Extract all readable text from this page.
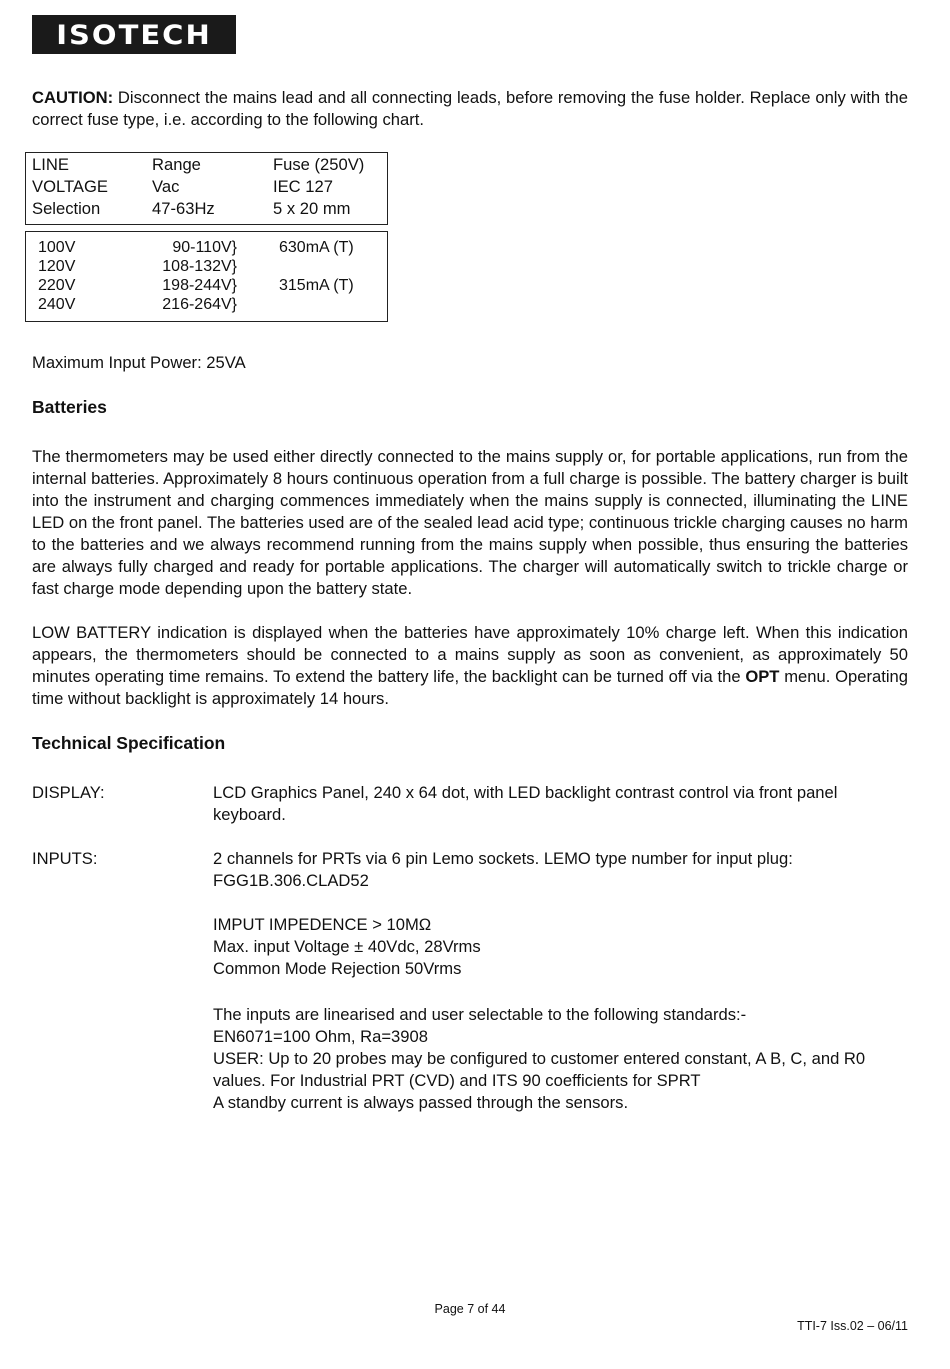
ISOTECH
CAUTION: Disconnect the mains lead and all connecting leads, before removing the fuse holder. Replace only with the correct fuse type, i.e. according to the following chart.
LINE	Range	Fuse (250V)
VOLTAGE	Vac	IEC 127
Selection	47-63Hz	5 x 20 mm
100V	90-110V}	630mA (T)
120V	108-132V}
220V	198-244V}	315mA (T)
240V	216-264V}
Maximum Input Power: 25VA
Batteries
The thermometers may be used either directly connected to the mains supply or, for portable applications, run from the internal batteries. Approximately 8 hours continuous operation from a full charge is possible. The battery charger is built into the instrument and charging commences immediately when the mains supply is connected, illuminating the LINE LED on the front panel. The batteries used are of the sealed lead acid type; continuous trickle charging causes no harm to the batteries and we always recommend running from the mains supply when possible, thus ensuring the batteries are always fully charged and ready for portable applications. The charger will automatically switch to trickle charge or fast charge mode depending upon the battery state.
LOW BATTERY indication is displayed when the batteries have approximately 10% charge left. When this indication appears, the thermometers should be connected to a mains supply as soon as convenient, as approximately 50 minutes operating time remains. To extend the battery life, the backlight can be turned off via the OPT menu. Operating time without backlight is approximately 14 hours.
Technical Specification
DISPLAY:	LCD Graphics Panel, 240 x 64 dot, with LED backlight contrast control via front panel keyboard.
INPUTS:	2 channels for PRTs via 6 pin Lemo sockets. LEMO type number for input plug:
FGG1B.306.CLAD52
IMPUT IMPEDENCE > 10MΩ
Max. input Voltage ± 40Vdc, 28Vrms
Common Mode Rejection 50Vrms
The inputs are linearised and user selectable to the following standards:-
EN6071=100 Ohm, Ra=3908
USER: Up to 20 probes may be configured to customer entered constant, A B, C, and R0 values. For Industrial PRT (CVD) and ITS 90 coefficients for SPRT
A standby current is always passed through the sensors.
Page 7 of 44
TTI-7 Iss.02 – 06/11
